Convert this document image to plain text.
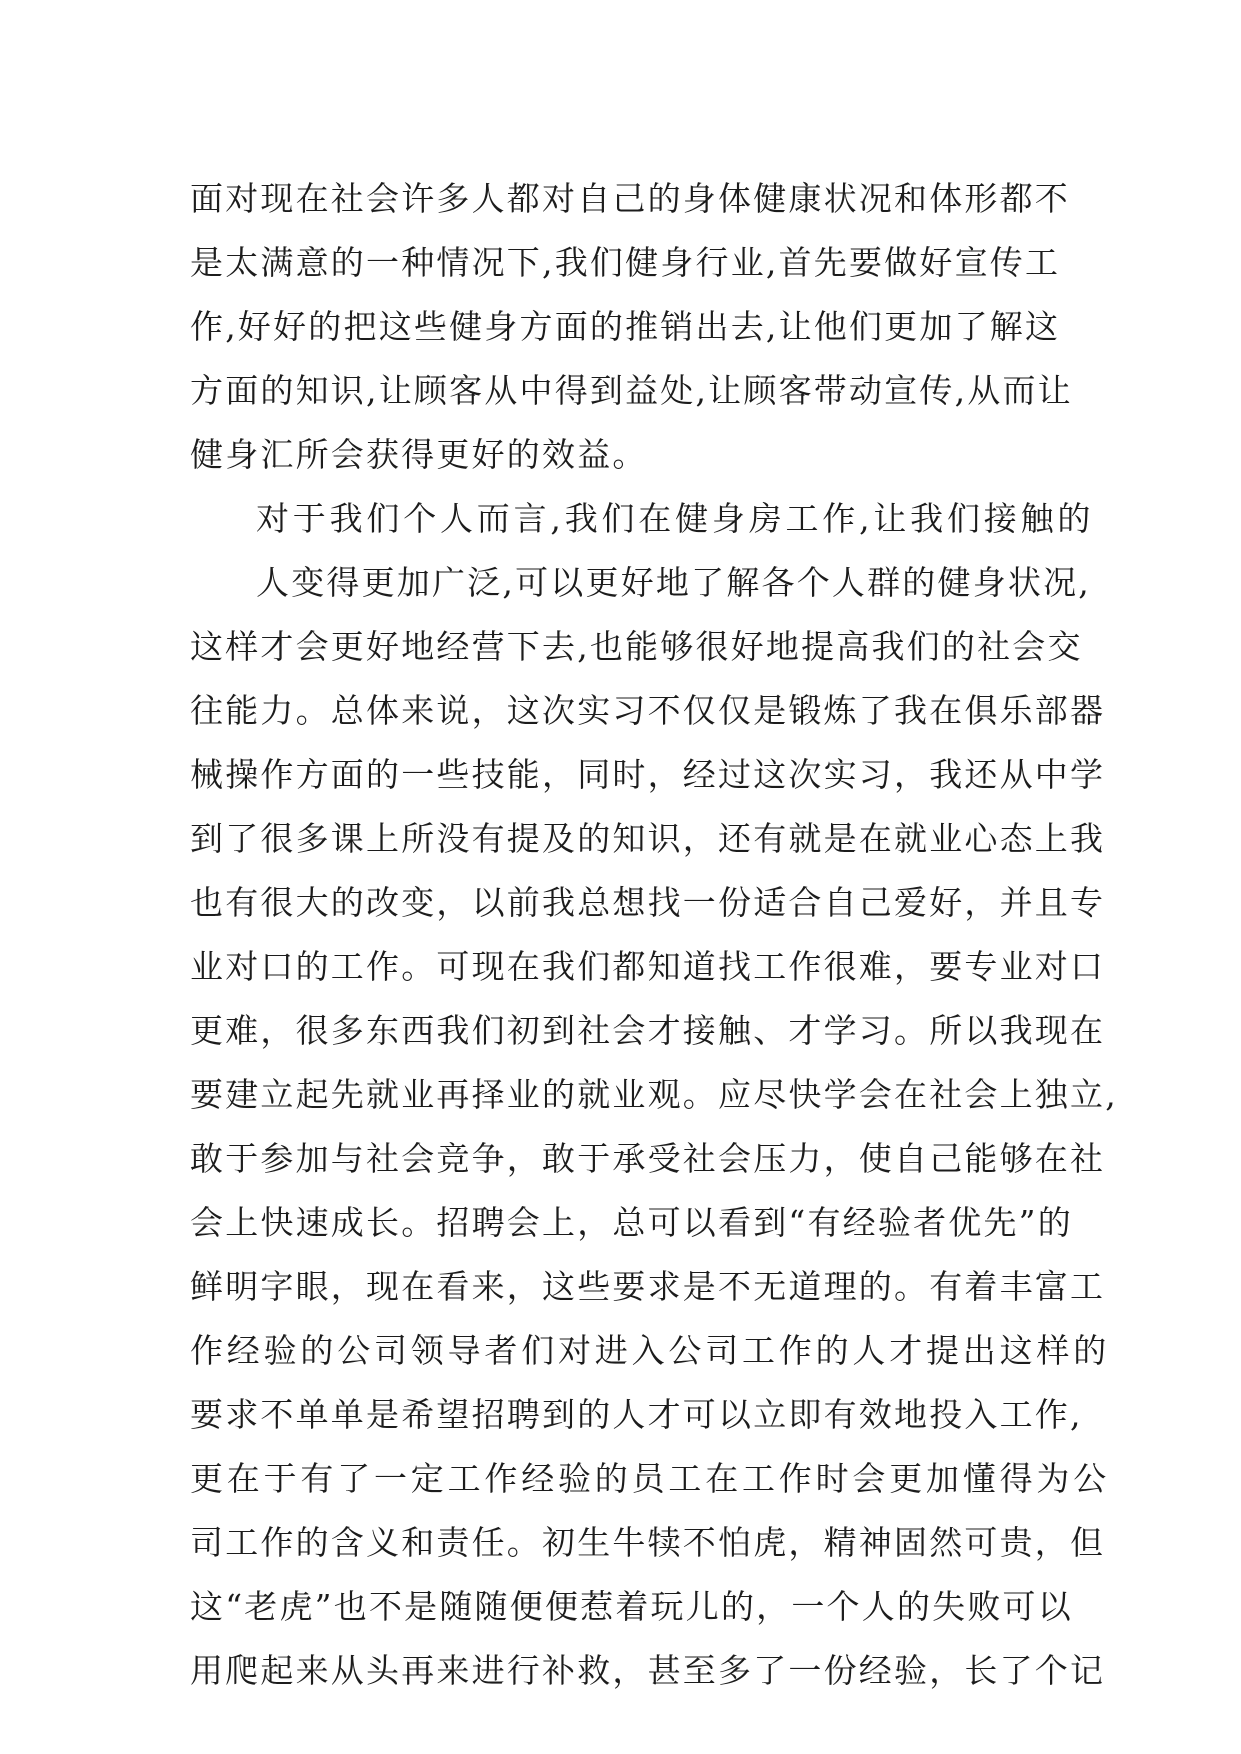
面对现在社会许多人都对自己的身体健康状况和体形都不
是太满意的一种情况下,我们健身行业,首先要做好宣传工
作,好好的把这些健身方面的推销出去,让他们更加了解这
方面的知识,让顾客从中得到益处,让顾客带动宣传,从而让
健身汇所会获得更好的效益。
对于我们个人而言,我们在健身房工作,让我们接触的
人变得更加广泛,可以更好地了解各个人群的健身状况,
这样才会更好地经营下去,也能够很好地提高我们的社会交
往能力。总体来说，这次实习不仅仅是锻炼了我在俱乐部器
械操作方面的一些技能，同时，经过这次实习，我还从中学
到了很多课上所没有提及的知识，还有就是在就业心态上我
也有很大的改变，以前我总想找一份适合自己爱好，并且专
业对口的工作。可现在我们都知道找工作很难，要专业对口
更难，很多东西我们初到社会才接触、才学习。所以我现在
要建立起先就业再择业的就业观。应尽快学会在社会上独立,
敢于参加与社会竞争，敢于承受社会压力，使自己能够在社
会上快速成长。招聘会上，总可以看到“有经验者优先”的
鲜明字眼，现在看来，这些要求是不无道理的。有着丰富工
作经验的公司领导者们对进入公司工作的人才提出这样的
要求不单单是希望招聘到的人才可以立即有效地投入工作,
更在于有了一定工作经验的员工在工作时会更加懂得为公
司工作的含义和责任。初生牛犊不怕虎，精神固然可贵，但
这“老虎”也不是随随便便惹着玩儿的，一个人的失败可以
用爬起来从头再来进行补救，甚至多了一份经验，长了个记
